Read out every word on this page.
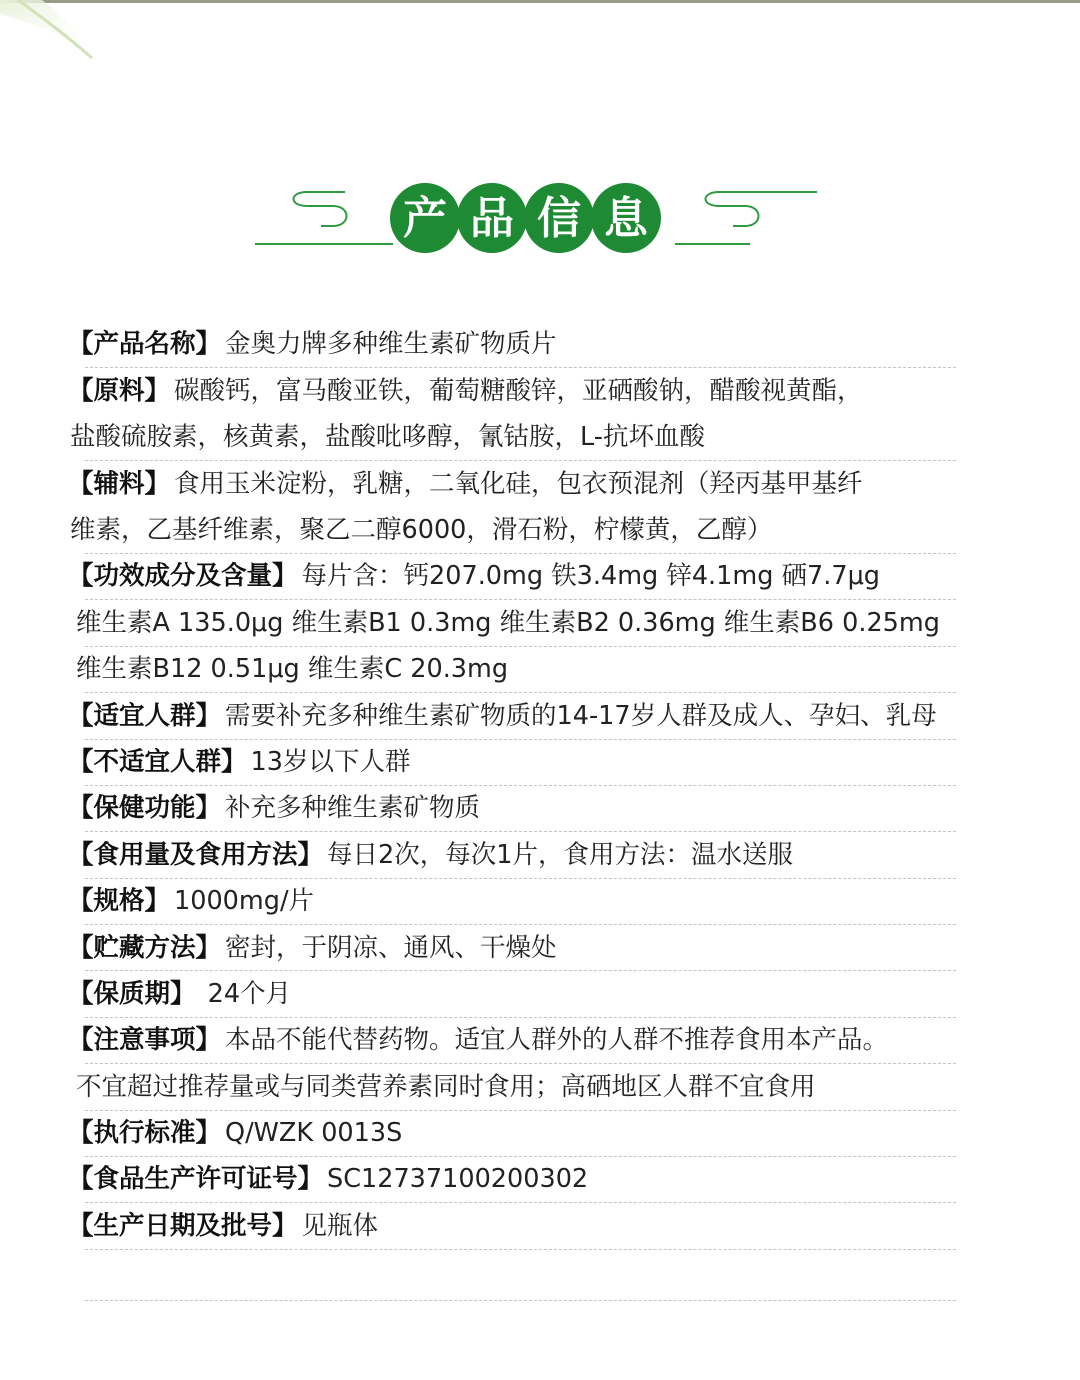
产 品 信 息
【产品名称】 金奥力牌多种维生素矿物质片
【原料】 碳酸钙，富马酸亚铁，葡萄糖酸锌，亚硒酸钠，醋酸视黄酯，
盐酸硫胺素，核黄素，盐酸吡哆醇，氰钴胺，L-抗坏血酸
【辅料】 食用玉米淀粉，乳糖，二氧化硅，包衣预混剂（羟丙基甲基纤
维素，乙基纤维素，聚乙二醇6000，滑石粉，柠檬黄，乙醇）
【功效成分及含量】 每片含：钙207.0mg 铁3.4mg 锌4.1mg 硒7.7μg
维生素A 135.0μg 维生素B1 0.3mg 维生素B2 0.36mg 维生素B6 0.25mg
维生素B12 0.51μg 维生素C 20.3mg
【适宜人群】 需要补充多种维生素矿物质的14-17岁人群及成人、孕妇、乳母
【不适宜人群】 13岁以下人群
【保健功能】 补充多种维生素矿物质
【食用量及食用方法】 每日2次，每次1片，食用方法：温水送服
【规格】 1000mg/片
【贮藏方法】 密封，于阴凉、通风、干燥处
【保质期】 24个月
【注意事项】 本品不能代替药物。适宜人群外的人群不推荐食用本产品。
不宜超过推荐量或与同类营养素同时食用；高硒地区人群不宜食用
【执行标准】 Q/WZK 0013S
【食品生产许可证号】 SC12737100200302
【生产日期及批号】 见瓶体
